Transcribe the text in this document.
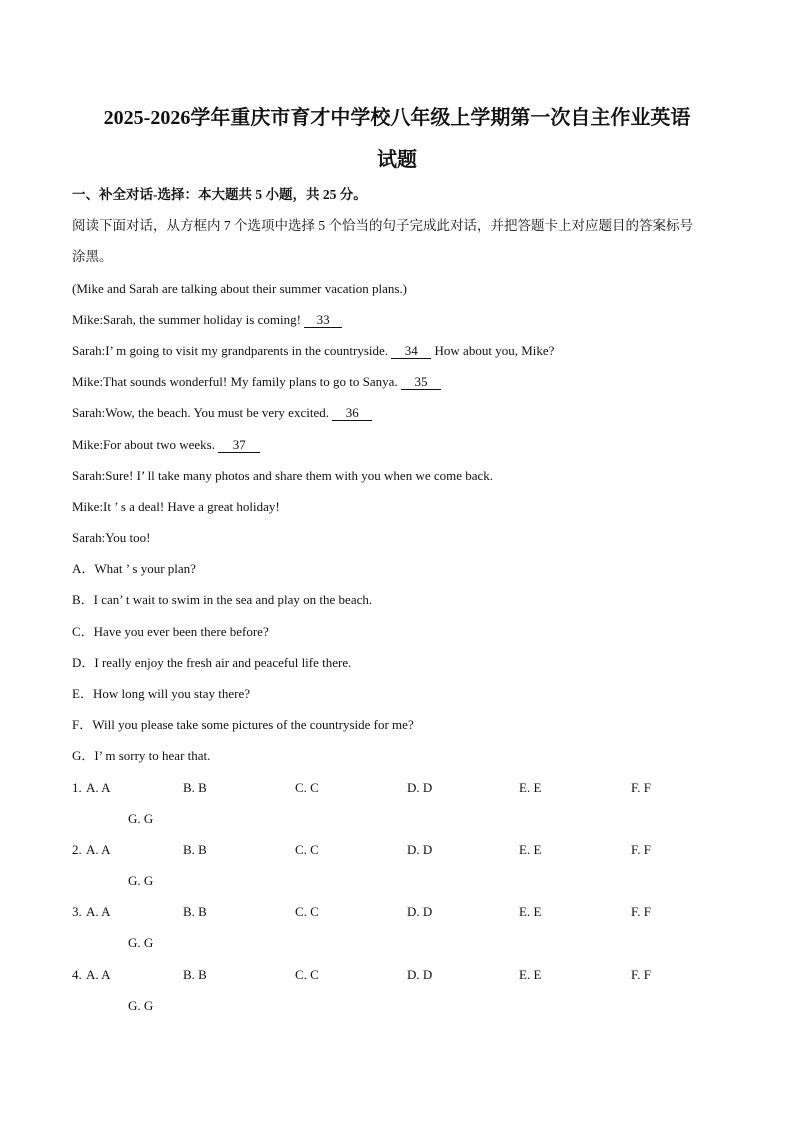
2025-2026学年重庆市育才中学校八年级上学期第一次自主作业英语
试题
一、补全对话-选择：本大题共 5 小题，共 25 分。
阅读下面对话，从方框内 7 个选项中选择 5 个恰当的句子完成此对话，并把答题卡上对应题目的答案标号
涂黑。
(Mike and Sarah are talking about their summer vacation plans.)
Mike:Sarah, the summer holiday is coming! 33
Sarah:I’ m going to visit my grandparents in the countryside. 34 How about you, Mike?
Mike:That sounds wonderful! My family plans to go to Sanya. 35
Sarah:Wow, the beach. You must be very excited. 36
Mike:For about two weeks. 37
Sarah:Sure! I’ ll take many photos and share them with you when we come back.
Mike:It ’ s a deal! Have a great holiday!
Sarah:You too!
A．What ’ s your plan?
B．I can’ t wait to swim in the sea and play on the beach.
C．Have you ever been there before?
D．I really enjoy the fresh air and peaceful life there.
E．How long will you stay there?
F．Will you please take some pictures of the countryside for me?
G．I’ m sorry to hear that.
1. A. A	B. B	C. C	D. D	E. E	F. F
G. G
2. A. A	B. B	C. C	D. D	E. E	F. F
G. G
3. A. A	B. B	C. C	D. D	E. E	F. F
G. G
4. A. A	B. B	C. C	D. D	E. E	F. F
G. G
